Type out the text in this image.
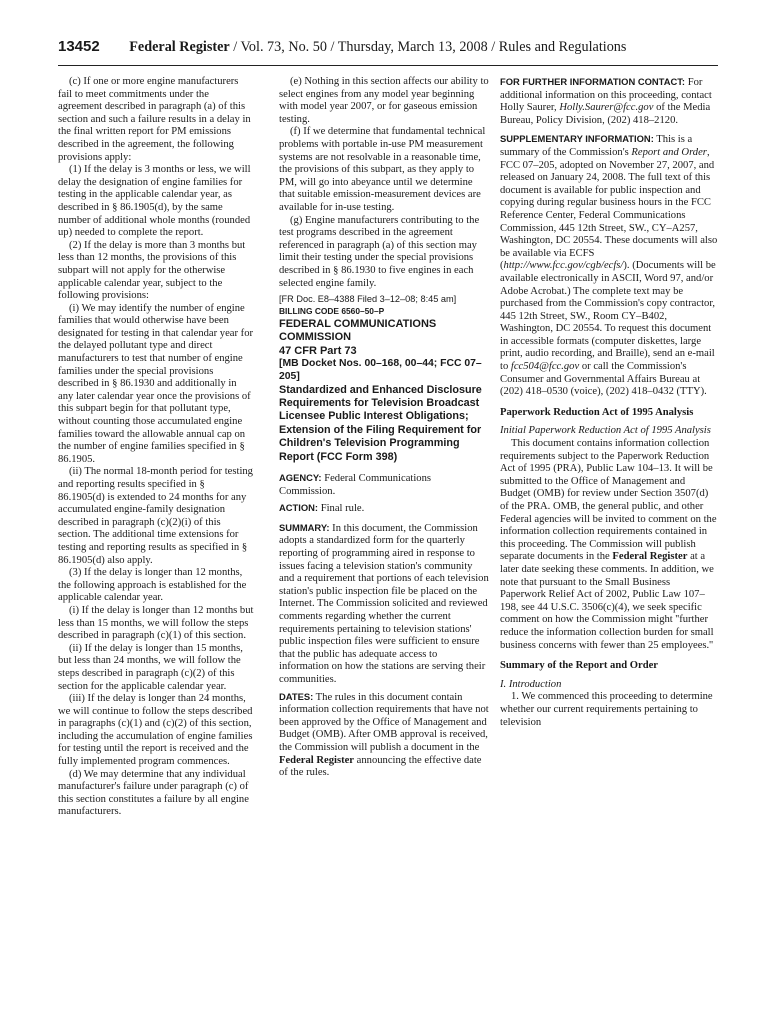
13452 Federal Register / Vol. 73, No. 50 / Thursday, March 13, 2008 / Rules and Regulations
(c) If one or more engine manufacturers fail to meet commitments under the agreement described in paragraph (a) of this section and such a failure results in a delay in the final written report for PM emissions described in the agreement, the following provisions apply:
(1) If the delay is 3 months or less, we will delay the designation of engine families for testing in the applicable calendar year, as described in § 86.1905(d), by the same number of additional whole months (rounded up) needed to complete the report.
(2) If the delay is more than 3 months but less than 12 months, the provisions of this subpart will not apply for the otherwise applicable calendar year, subject to the following provisions:
(i) We may identify the number of engine families that would otherwise have been designated for testing in that calendar year for the delayed pollutant type and direct manufacturers to test that number of engine families under the special provisions described in § 86.1930 and additionally in any later calendar year once the provisions of this subpart begin for that pollutant type, without counting those accumulated engine families toward the allowable annual cap on the number of engine families specified in § 86.1905.
(ii) The normal 18-month period for testing and reporting results specified in § 86.1905(d) is extended to 24 months for any accumulated engine-family designation described in paragraph (c)(2)(i) of this section. The additional time extensions for testing and reporting results as specified in § 86.1905(d) also apply.
(3) If the delay is longer than 12 months, the following approach is established for the applicable calendar year.
(i) If the delay is longer than 12 months but less than 15 months, we will follow the steps described in paragraph (c)(1) of this section.
(ii) If the delay is longer than 15 months, but less than 24 months, we will follow the steps described in paragraph (c)(2) of this section for the applicable calendar year.
(iii) If the delay is longer than 24 months, we will continue to follow the steps described in paragraphs (c)(1) and (c)(2) of this section, including the accumulation of engine families for testing until the report is received and the fully implemented program commences.
(d) We may determine that any individual manufacturer's failure under paragraph (c) of this section constitutes a failure by all engine manufacturers.
(e) Nothing in this section affects our ability to select engines from any model year beginning with model year 2007, or for gaseous emission testing.
(f) If we determine that fundamental technical problems with portable in-use PM measurement systems are not resolvable in a reasonable time, the provisions of this subpart, as they apply to PM, will go into abeyance until we determine that suitable emission-measurement devices are available for in-use testing.
(g) Engine manufacturers contributing to the test programs described in the agreement referenced in paragraph (a) of this section may limit their testing under the special provisions described in § 86.1930 to five engines in each selected engine family.
[FR Doc. E8–4388 Filed 3–12–08; 8:45 am]
BILLING CODE 6560–50–P
FEDERAL COMMUNICATIONS COMMISSION
47 CFR Part 73
[MB Docket Nos. 00–168, 00–44; FCC 07–205]
Standardized and Enhanced Disclosure Requirements for Television Broadcast Licensee Public Interest Obligations; Extension of the Filing Requirement for Children's Television Programming Report (FCC Form 398)
AGENCY: Federal Communications Commission.
ACTION: Final rule.
SUMMARY: In this document, the Commission adopts a standardized form for the quarterly reporting of programming aired in response to issues facing a television station's community and a requirement that portions of each television station's public inspection file be placed on the Internet. The Commission solicited and reviewed comments regarding whether the current requirements pertaining to television stations' public inspection files were sufficient to ensure that the public has adequate access to information on how the stations are serving their communities.
DATES: The rules in this document contain information collection requirements that have not been approved by the Office of Management and Budget (OMB). After OMB approval is received, the Commission will publish a document in the Federal Register announcing the effective date of the rules.
FOR FURTHER INFORMATION CONTACT: For additional information on this proceeding, contact Holly Saurer, Holly.Saurer@fcc.gov of the Media Bureau, Policy Division, (202) 418–2120.
SUPPLEMENTARY INFORMATION: This is a summary of the Commission's Report and Order, FCC 07–205, adopted on November 27, 2007, and released on January 24, 2008. The full text of this document is available for public inspection and copying during regular business hours in the FCC Reference Center, Federal Communications Commission, 445 12th Street, SW., CY–A257, Washington, DC 20554. These documents will also be available via ECFS (http://www.fcc.gov/cgb/ecfs/). (Documents will be available electronically in ASCII, Word 97, and/or Adobe Acrobat.) The complete text may be purchased from the Commission's copy contractor, 445 12th Street, SW., Room CY–B402, Washington, DC 20554. To request this document in accessible formats (computer diskettes, large print, audio recording, and Braille), send an e-mail to fcc504@fcc.gov or call the Commission's Consumer and Governmental Affairs Bureau at (202) 418–0530 (voice), (202) 418–0432 (TTY).
Paperwork Reduction Act of 1995 Analysis
Initial Paperwork Reduction Act of 1995 Analysis
This document contains information collection requirements subject to the Paperwork Reduction Act of 1995 (PRA), Public Law 104–13. It will be submitted to the Office of Management and Budget (OMB) for review under Section 3507(d) of the PRA. OMB, the general public, and other Federal agencies will be invited to comment on the information collection requirements contained in this proceeding. The Commission will publish separate documents in the Federal Register at a later date seeking these comments. In addition, we note that pursuant to the Small Business Paperwork Relief Act of 2002, Public Law 107–198, see 44 U.S.C. 3506(c)(4), we seek specific comment on how the Commission might ''further reduce the information collection burden for small business concerns with fewer than 25 employees.''
Summary of the Report and Order
I. Introduction
1. We commenced this proceeding to determine whether our current requirements pertaining to television
